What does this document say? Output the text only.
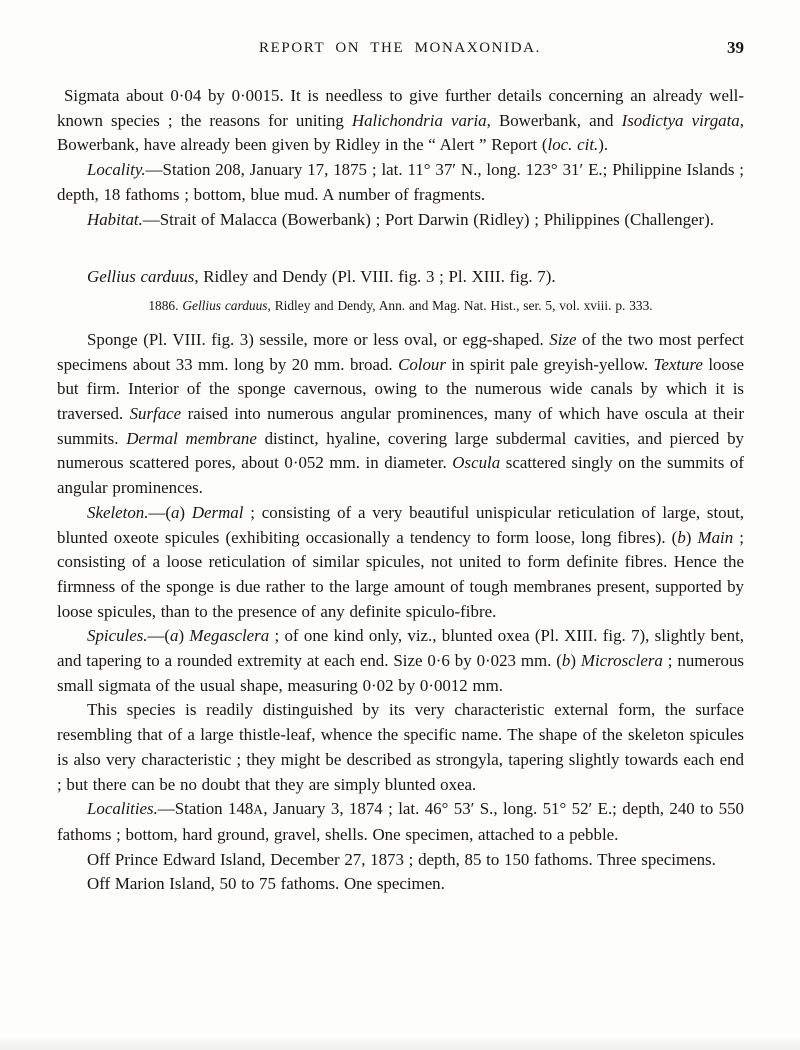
REPORT ON THE MONAXONIDA.	39

Sigmata about 0·04 by 0·0015. It is needless to give further details concerning an already well-known species ; the reasons for uniting Halichondria varia, Bowerbank, and Isodictya virgata, Bowerbank, have already been given by Ridley in the “ Alert ” Report (loc. cit.).

Locality.—Station 208, January 17, 1875 ; lat. 11° 37′ N., long. 123° 31′ E.; Philippine Islands ; depth, 18 fathoms ; bottom, blue mud. A number of fragments.

Habitat.—Strait of Malacca (Bowerbank) ; Port Darwin (Ridley) ; Philippines (Challenger).

Gellius carduus, Ridley and Dendy (Pl. VIII. fig. 3 ; Pl. XIII. fig. 7).

1886. Gellius carduus, Ridley and Dendy, Ann. and Mag. Nat. Hist., ser. 5, vol. xviii. p. 333.

Sponge (Pl. VIII. fig. 3) sessile, more or less oval, or egg-shaped. Size of the two most perfect specimens about 33 mm. long by 20 mm. broad. Colour in spirit pale greyish-yellow. Texture loose but firm. Interior of the sponge cavernous, owing to the numerous wide canals by which it is traversed. Surface raised into numerous angular prominences, many of which have oscula at their summits. Dermal membrane distinct, hyaline, covering large subdermal cavities, and pierced by numerous scattered pores, about 0·052 mm. in diameter. Oscula scattered singly on the summits of angular prominences.

Skeleton.—(a) Dermal ; consisting of a very beautiful unispicular reticulation of large, stout, blunted oxeote spicules (exhibiting occasionally a tendency to form loose, long fibres). (b) Main ; consisting of a loose reticulation of similar spicules, not united to form definite fibres. Hence the firmness of the sponge is due rather to the large amount of tough membranes present, supported by loose spicules, than to the presence of any definite spiculo-fibre.

Spicules.—(a) Megasclera ; of one kind only, viz., blunted oxea (Pl. XIII. fig. 7), slightly bent, and tapering to a rounded extremity at each end. Size 0·6 by 0·023 mm. (b) Microsclera ; numerous small sigmata of the usual shape, measuring 0·02 by 0·0012 mm.

This species is readily distinguished by its very characteristic external form, the surface resembling that of a large thistle-leaf, whence the specific name. The shape of the skeleton spicules is also very characteristic ; they might be described as strongyla, tapering slightly towards each end ; but there can be no doubt that they are simply blunted oxea.

Localities.—Station 148A, January 3, 1874 ; lat. 46° 53′ S., long. 51° 52′ E.; depth, 240 to 550 fathoms ; bottom, hard ground, gravel, shells. One specimen, attached to a pebble.

Off Prince Edward Island, December 27, 1873 ; depth, 85 to 150 fathoms. Three specimens.

Off Marion Island, 50 to 75 fathoms. One specimen.
